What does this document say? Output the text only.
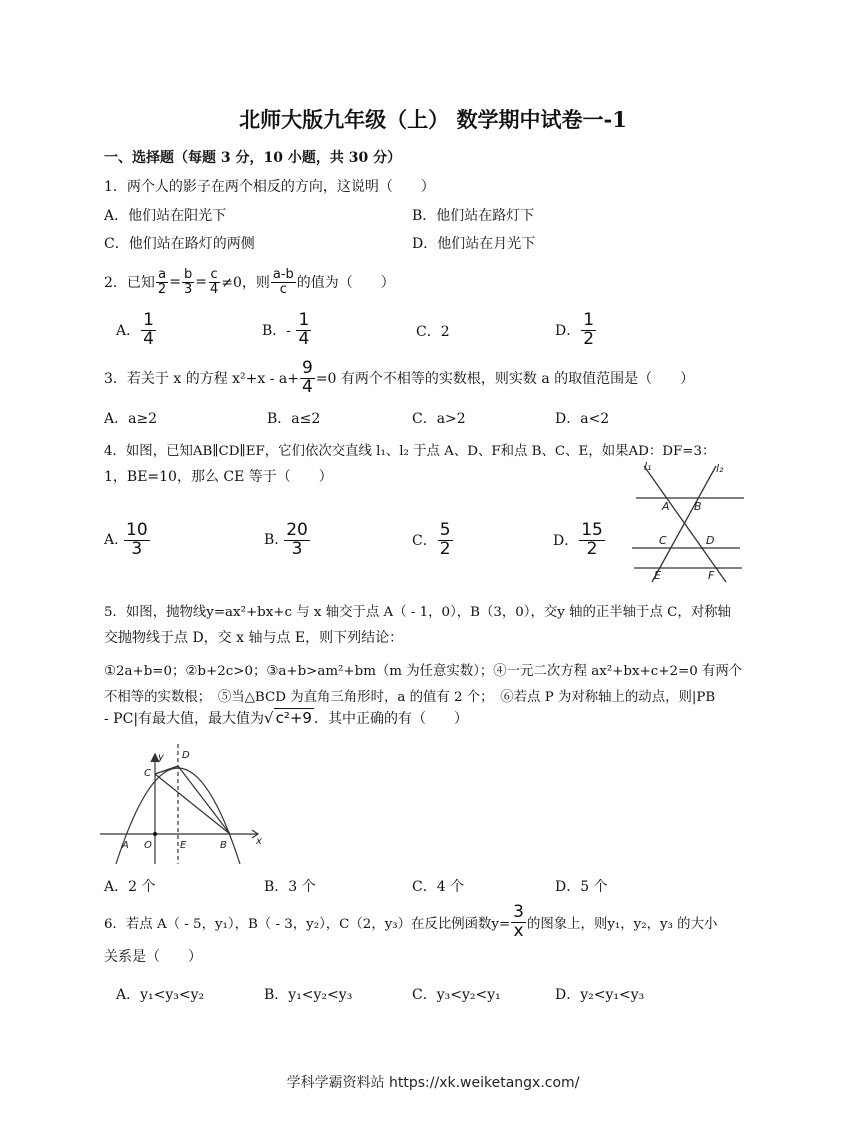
北师大版九年级（上） 数学期中试卷一-1
一、选择题（每题 3 分，10 小题，共 30 分）
1．两个人的影子在两个相反的方向，这说明（　　）
A．他们站在阳光下	B．他们站在路灯下
C．他们站在路灯的两侧	D．他们站在月光下
2．已知 $\frac{a}{2} = \frac{b}{3} = \frac{c}{4} \ne 0$，则 $\frac{a-b}{c}$ 的值为（　　）
A． $\frac{1}{4}$	B．-
$\frac{1}{4}$	C．2	D． $\frac{1}{2}$
3．若关于 x 的方程 $x^2+x - a+ \frac{9}{4} =0$ 有两个不相等的实数根，则实数 a 的取值范围是（　　）
A．a≥2	B．a≤2	C．a>2	D．a<2
4．如图，已知AB∥CD∥EF，它们依次交直线 l₁、l₂ 于点 A、D、F和点 B、C、E，如果AD：DF=3：
1，BE=10，那么 CE 等于（　　）
A.
$\frac{10}{3}$	B.
$\frac{20}{3}$	C． $\frac{5}{2}$	D． $\frac{15}{2}$
l₁	l₂
A B
C	D
E	F
5．如图，抛物线y=ax²+bx+c 与 x 轴交于点 A（ - 1，0），B（3，0），交y 轴的正半轴于点 C，对称轴
交抛物线于点 D，交 x 轴与点 E，则下列结论：
①2a+b=0；②b+2c>0；③a+b>am²+bm（m 为任意实数）；④一元二次方程 ax²+bx+c+2=0 有两个
不相等的实数根；　⑤当△BCD 为直角三角形时，a 的值有 2 个；　⑥若点 P 为对称轴上的动点，则|PB
- PC|有最大值，最大值为 √ c²+9 ．其中正确的有（　　）
A O	E	B
C
D
y
x
A．2 个	B．3 个	C．4 个	D．5 个
6．若点 A（ - 5，y₁），B（ - 3，y₂），C（2，y₃）在反比例函数$y= \frac{3}{x}$ 的图象上，则y₁，y₂，y₃ 的大小
关系是（　　）
A．y₁<y₃<y₂	B．y₁<y₂<y₃	C．y₃<y₂<y₁	D．y₂<y₁<y₃
学科学霸资料站 https://xk.weiketangx.com/
